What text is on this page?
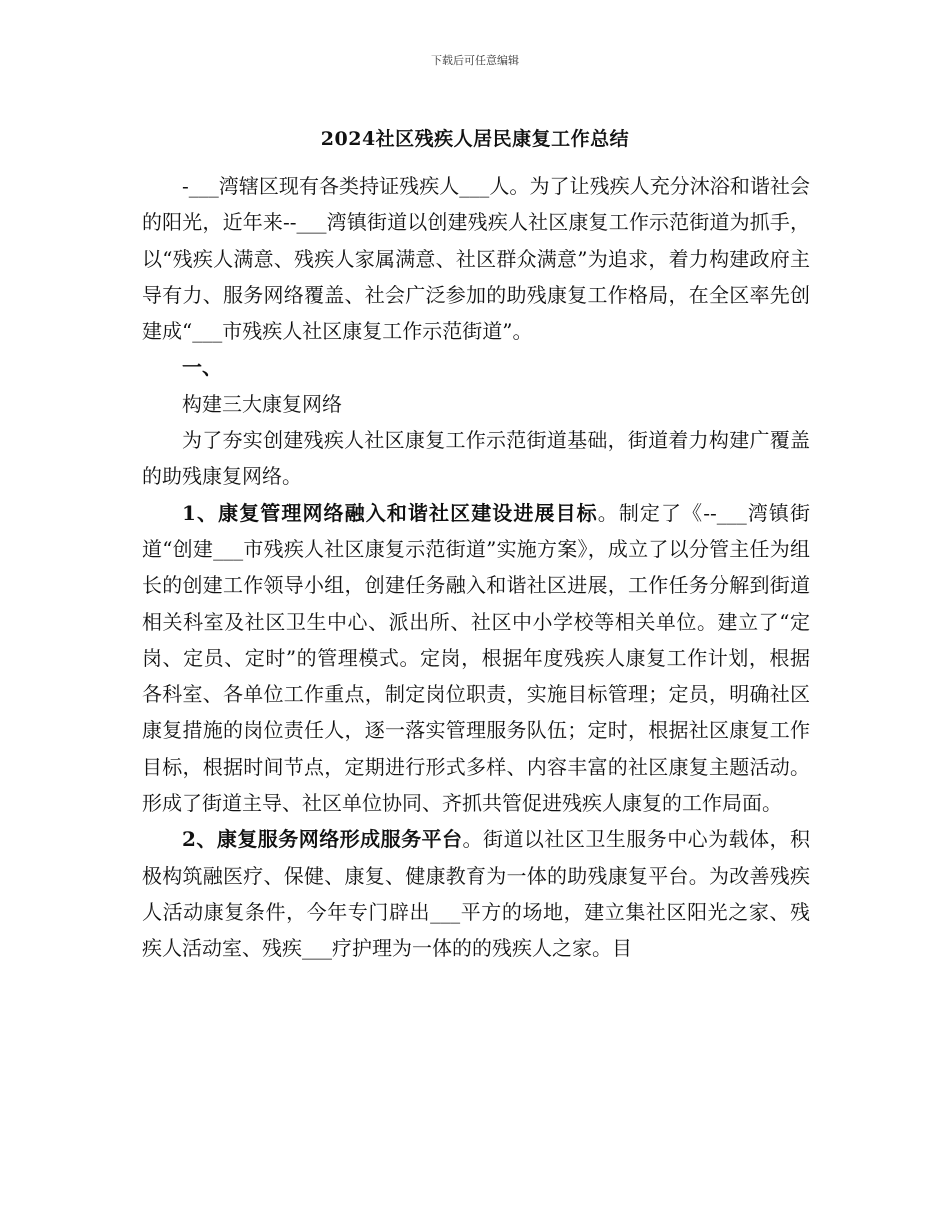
下载后可任意编辑
2024社区残疾人居民康复工作总结

-___湾辖区现有各类持证残疾人___人。为了让残疾人充分沐浴和谐社会的阳光，近年来--___湾镇街道以创建残疾人社区康复工作示范街道为抓手，以“残疾人满意、残疾人家属满意、社区群众满意”为追求，着力构建政府主导有力、服务网络覆盖、社会广泛参加的助残康复工作格局，在全区率先创建成“___市残疾人社区康复工作示范街道”。

一、

构建三大康复网络

为了夯实创建残疾人社区康复工作示范街道基础，街道着力构建广覆盖的助残康复网络。

1、康复管理网络融入和谐社区建设进展目标。制定了《--___湾镇街道“创建___市残疾人社区康复示范街道”实施方案》，成立了以分管主任为组长的创建工作领导小组，创建任务融入和谐社区进展，工作任务分解到街道相关科室及社区卫生中心、派出所、社区中小学校等相关单位。建立了“定岗、定员、定时”的管理模式。定岗，根据年度残疾人康复工作计划，根据各科室、各单位工作重点，制定岗位职责，实施目标管理；定员，明确社区康复措施的岗位责任人，逐一落实管理服务队伍；定时，根据社区康复工作目标，根据时间节点，定期进行形式多样、内容丰富的社区康复主题活动。形成了街道主导、社区单位协同、齐抓共管促进残疾人康复的工作局面。

2、康复服务网络形成服务平台。街道以社区卫生服务中心为载体，积极构筑融医疗、保健、康复、健康教育为一体的助残康复平台。为改善残疾人活动康复条件，今年专门辟出___平方的场地，建立集社区阳光之家、残疾人活动室、残疾___疗护理为一体的的残疾人之家。目
